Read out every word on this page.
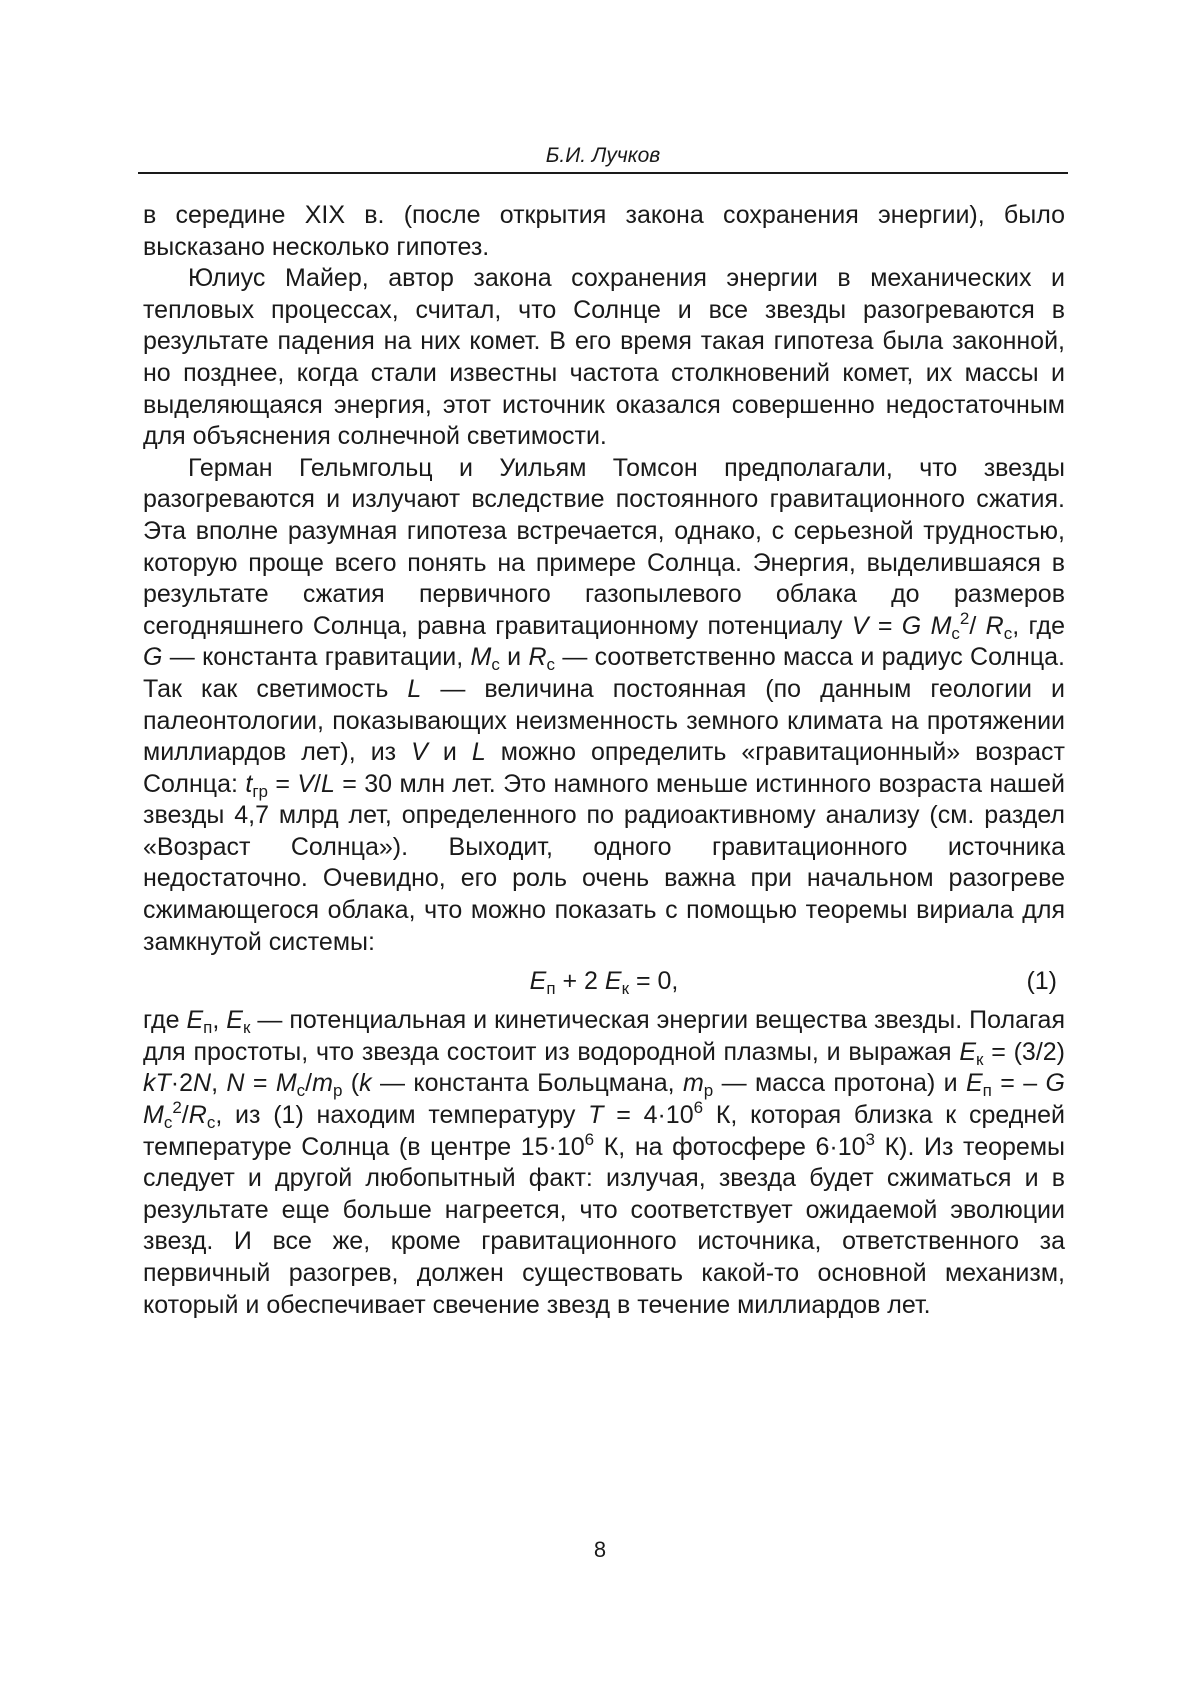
Б.И. Лучков

в середине XIX в. (после открытия закона сохранения энергии), было высказано несколько гипотез.

Юлиус Майер, автор закона сохранения энергии в механических и тепловых процессах, считал, что Солнце и все звезды разогреваются в результате падения на них комет. В его время такая гипотеза была законной, но позднее, когда стали известны частота столкновений комет, их массы и выделяющаяся энергия, этот источник оказался совершенно недостаточным для объяснения солнечной светимости.

Герман Гельмгольц и Уильям Томсон предполагали, что звезды разогреваются и излучают вследствие постоянного гравитационного сжатия. Эта вполне разумная гипотеза встречается, однако, с серьезной трудностью, которую проще всего понять на примере Солнца. Энергия, выделившаяся в результате сжатия первичного газопылевого облака до размеров сегодняшнего Солнца, равна гравитационному потенциалу V = G $M_с^2/$ $R_с$, где G — константа гравитации, $M_с$ и $R_с$ — соответственно масса и радиус Солнца. Так как светимость L — величина постоянная (по данным геологии и палеонтологии, показывающих неизменность земного климата на протяжении миллиардов лет), из V и L можно определить «гравитационный» возраст Солнца: $t_{гр} = V/L = 30$ млн лет. Это намного меньше истинного возраста нашей звезды 4,7 млрд лет, определенного по радиоактивному анализу (см. раздел «Возраст Солнца»). Выходит, одного гравитационного источника недостаточно. Очевидно, его роль очень важна при начальном разогреве сжимающегося облака, что можно показать с помощью теоремы вириала для замкнутой системы:

$E_п + 2$ $E_к = 0$,	(1)

где $E_п$, $E_к$ — потенциальная и кинетическая энергии вещества звезды. Полагая для простоты, что звезда состоит из водородной плазмы, и выражая $E_к = (3/2)$ kT·2N, $N = M_с/m_p$ (k — константа Больцмана, $m_p$ — масса протона) и $E_п$ = – G $M_с^2/R_с$, из (1) находим температуру $T = 4\cdot 10^6$ К, которая близка к средней температуре Солнца (в центре $15\cdot 10^6$ К, на фотосфере $6\cdot 10^3$ К). Из теоремы следует и другой любопытный факт: излучая, звезда будет сжиматься и в результате еще больше нагреется, что соответствует ожидаемой эволюции звезд. И все же, кроме гравитационного источника, ответственного за первичный разогрев, должен существовать какой-то основной механизм, который и обеспечивает свечение звезд в течение миллиардов лет.

8
